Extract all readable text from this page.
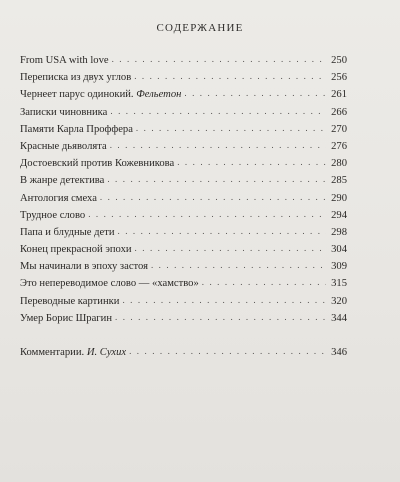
СОДЕРЖАНИЕ
From USA with love . . .	250
Переписка из двух углов . . .	256
Чернеет парус одинокий. Фельетон . . .	261
Записки чиновника . . .	266
Памяти Карла Проффера . . .	270
Красные дьяволята . . .	276
Достоевский против Кожевникова . . .	280
В жанре детектива . . .	285
Антология смеха . . .	290
Трудное слово . . .	294
Папа и блудные дети . . .	298
Конец прекрасной эпохи . . .	304
Мы начинали в эпоху застоя . . .	309
Это непереводимое слово — «хамство» . . .	315
Переводные картинки . . .	320
Умер Борис Шрагин . . .	344
Комментарии. И. Сухих . . .	346
